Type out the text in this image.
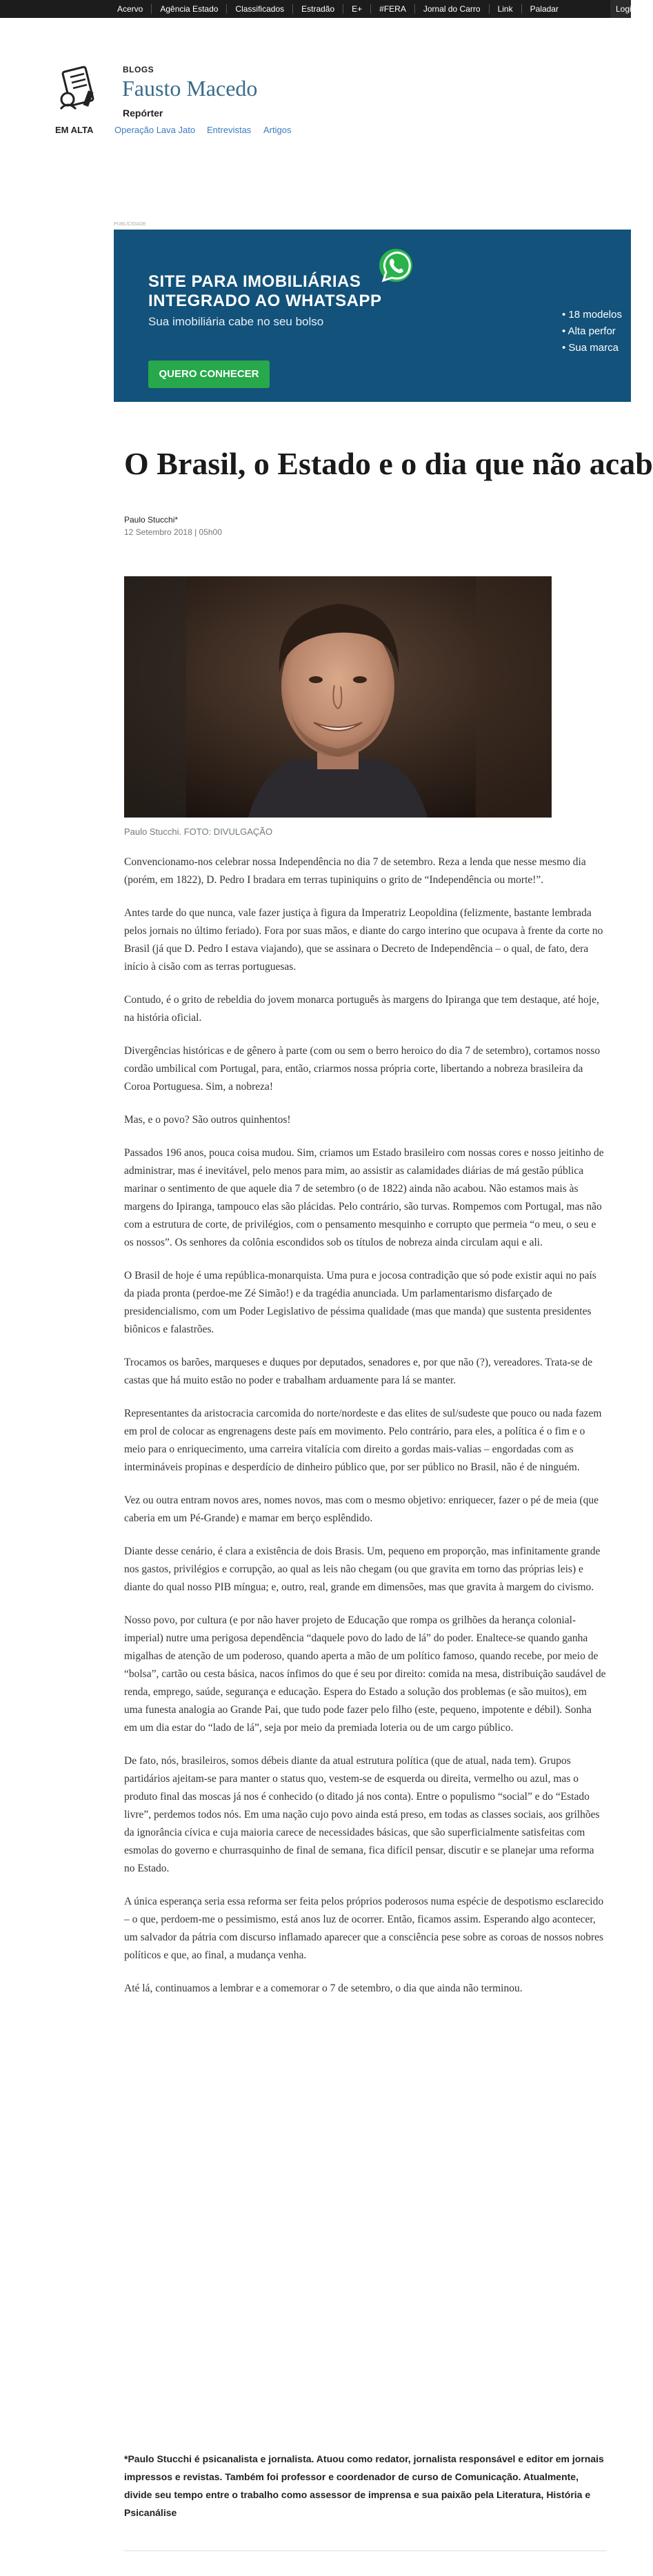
Acervo	Agência Estado	Classificados	Estradão	E+	#FERA	Jornal do Carro	Link	Paladar	Login
BLOGS
Fausto Macedo
Repórter
EM ALTA Operação Lava Jato Entrevistas Artigos
PUBLICIDADE
SITE PARA IMOBILIÁRIAS
INTEGRADO AO WHATSAPP
Sua imobiliária cabe no seu bolso
QUERO CONHECER
• 18 modelos
• Alta perfor
• Sua marca
O Brasil, o Estado e o dia que não acab
Paulo Stucchi*
12 Setembro 2018 | 05h00
Paulo Stucchi. FOTO: DIVULGAÇÃO

Convencionamo-nos celebrar nossa Independência no dia 7 de setembro. Reza a lenda que nesse mesmo dia (porém, em 1822), D. Pedro I bradara em terras tupiniquins o grito de “Independência ou morte!”.

Antes tarde do que nunca, vale fazer justiça à figura da Imperatriz Leopoldina (felizmente, bastante lembrada pelos jornais no último feriado). Fora por suas mãos, e diante do cargo interino que ocupava à frente da corte no Brasil (já que D. Pedro I estava viajando), que se assinara o Decreto de Independência – o qual, de fato, dera início à cisão com as terras portuguesas.

Contudo, é o grito de rebeldia do jovem monarca português às margens do Ipiranga que tem destaque, até hoje, na história oficial.

Divergências históricas e de gênero à parte (com ou sem o berro heroico do dia 7 de setembro), cortamos nosso cordão umbilical com Portugal, para, então, criarmos nossa própria corte, libertando a nobreza brasileira da Coroa Portuguesa. Sim, a nobreza!

Mas, e o povo? São outros quinhentos!

Passados 196 anos, pouca coisa mudou. Sim, criamos um Estado brasileiro com nossas cores e nosso jeitinho de administrar, mas é inevitável, pelo menos para mim, ao assistir as calamidades diárias de má gestão pública marinar o sentimento de que aquele dia 7 de setembro (o de 1822) ainda não acabou. Não estamos mais às margens do Ipiranga, tampouco elas são plácidas. Pelo contrário, são turvas. Rompemos com Portugal, mas não com a estrutura de corte, de privilégios, com o pensamento mesquinho e corrupto que permeia “o meu, o seu e os nossos”. Os senhores da colônia escondidos sob os títulos de nobreza ainda circulam aqui e ali.

O Brasil de hoje é uma república-monarquista. Uma pura e jocosa contradição que só pode existir aqui no país da piada pronta (perdoe-me Zé Simão!) e da tragédia anunciada. Um parlamentarismo disfarçado de presidencialismo, com um Poder Legislativo de péssima qualidade (mas que manda) que sustenta presidentes biônicos e falastrões.

Trocamos os barões, marqueses e duques por deputados, senadores e, por que não (?), vereadores. Trata-se de castas que há muito estão no poder e trabalham arduamente para lá se manter.

Representantes da aristocracia carcomida do norte/nordeste e das elites de sul/sudeste que pouco ou nada fazem em prol de colocar as engrenagens deste país em movimento. Pelo contrário, para eles, a política é o fim e o meio para o enriquecimento, uma carreira vitalícia com direito a gordas mais-valias – engordadas com as intermináveis propinas e desperdício de dinheiro público que, por ser público no Brasil, não é de ninguém.

Vez ou outra entram novos ares, nomes novos, mas com o mesmo objetivo: enriquecer, fazer o pé de meia (que caberia em um Pé-Grande) e mamar em berço esplêndido.

Diante desse cenário, é clara a existência de dois Brasis. Um, pequeno em proporção, mas infinitamente grande nos gastos, privilégios e corrupção, ao qual as leis não chegam (ou que gravita em torno das próprias leis) e diante do qual nosso PIB míngua; e, outro, real, grande em dimensões, mas que gravita à margem do civismo.

Nosso povo, por cultura (e por não haver projeto de Educação que rompa os grilhões da herança colonial-imperial) nutre uma perigosa dependência “daquele povo do lado de lá” do poder. Enaltece-se quando ganha migalhas de atenção de um poderoso, quando aperta a mão de um político famoso, quando recebe, por meio de “bolsa”, cartão ou cesta básica, nacos ínfimos do que é seu por direito: comida na mesa, distribuição saudável de renda, emprego, saúde, segurança e educação. Espera do Estado a solução dos problemas (e são muitos), em uma funesta analogia ao Grande Pai, que tudo pode fazer pelo filho (este, pequeno, impotente e débil). Sonha em um dia estar do “lado de lá”, seja por meio da premiada loteria ou de um cargo público.

De fato, nós, brasileiros, somos débeis diante da atual estrutura política (que de atual, nada tem). Grupos partidários ajeitam-se para manter o status quo, vestem-se de esquerda ou direita, vermelho ou azul, mas o produto final das moscas já nos é conhecido (o ditado já nos conta). Entre o populismo “social” e do “Estado livre”, perdemos todos nós. Em uma nação cujo povo ainda está preso, em todas as classes sociais, aos grilhões da ignorância cívica e cuja maioria carece de necessidades básicas, que são superficialmente satisfeitas com esmolas do governo e churrasquinho de final de semana, fica difícil pensar, discutir e se planejar uma reforma no Estado.

A única esperança seria essa reforma ser feita pelos próprios poderosos numa espécie de despotismo esclarecido – o que, perdoem-me o pessimismo, está anos luz de ocorrer. Então, ficamos assim. Esperando algo acontecer, um salvador da pátria com discurso inflamado aparecer que a consciência pese sobre as coroas de nossos nobres políticos e que, ao final, a mudança venha.

Até lá, continuamos a lembrar e a comemorar o 7 de setembro, o dia que ainda não terminou.

*Paulo Stucchi é psicanalista e jornalista. Atuou como redator, jornalista responsável e editor em jornais impressos e revistas. Também foi professor e coordenador de curso de Comunicação. Atualmente, divide seu tempo entre o trabalho como assessor de imprensa e sua paixão pela Literatura, História e Psicanálise
